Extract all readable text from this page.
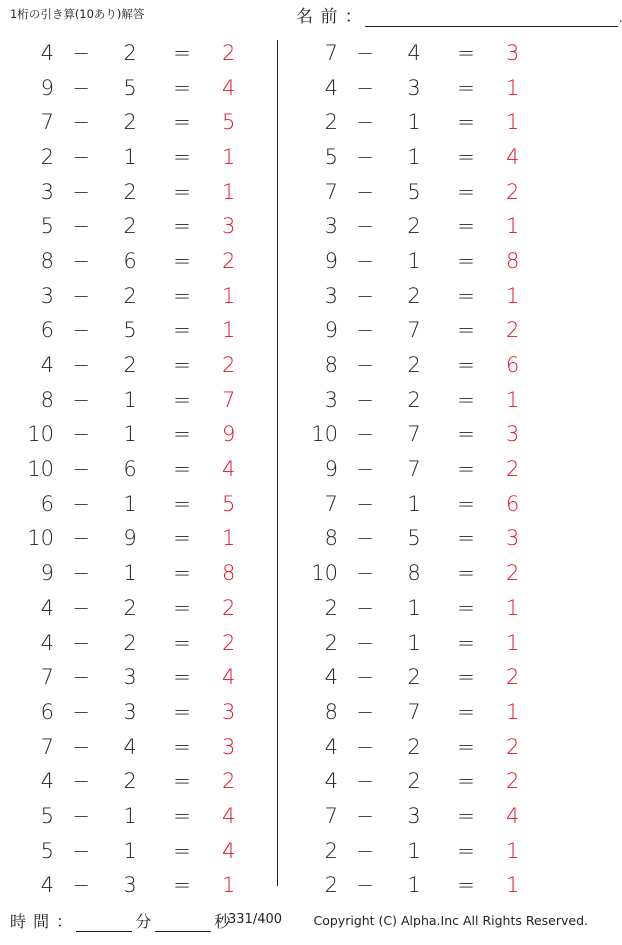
1桁の引き算(10あり)解答	名 前 ：	.
4 −	2	=	2
9 −	5	=	4
7 −	2	=	5
2 −	1	=	1
3 −	2	=	1
5 −	2	=	3
8 −	6	=	2
3 −	2	=	1
6 −	5	=	1
4 −	2	=	2
8 −	1	=	7
10 −	1	=	9
10 −	6	=	4
6 −	1	=	5
10 −	9	=	1
9 −	1	=	8
4 −	2	=	2
4 −	2	=	2
7 −	3	=	4
6 −	3	=	3
7 −	4	=	3
4 −	2	=	2
5 −	1	=	4
5 −	1	=	4
4 −	3	=	1
7 −	4	=	3
4 −	3	=	1
2 −	1	=	1
5 −	1	=	4
7 −	5	=	2
3 −	2	=	1
9 −	1	=	8
3 −	2	=	1
9 −	7	=	2
8 −	2	=	6
3 −	2	=	1
10 −	7	=	3
9 −	7	=	2
7 −	1	=	6
8 −	5	=	3
10 −	8	=	2
2 −	1	=	1
2 −	1	=	1
4 −	2	=	2
8 −	7	=	1
4 −	2	=	2
4 −	2	=	2
7 −	3	=	4
2 −	1	=	1
2 −	1	=	1
時 間 ：	分	秒
331/400	Copyright (C) Alpha.Inc All Rights Reserved.
